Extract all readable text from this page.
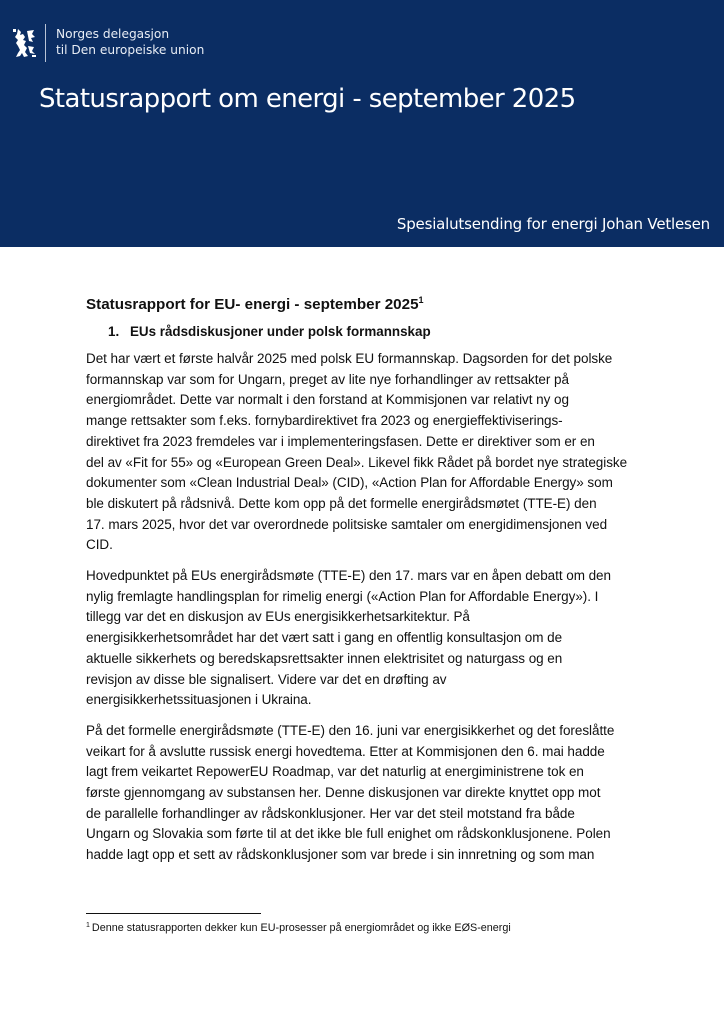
Norges delegasjon
til Den europeiske union
Statusrapport om energi - september 2025
Spesialutsending for energi Johan Vetlesen
Statusrapport for EU- energi - september 2025$^1$
1. EUs rådsdiskusjoner under polsk formannskap
Det har vært et første halvår 2025 med polsk EU formannskap. Dagsorden for det polske
formannskap var som for Ungarn, preget av lite nye forhandlinger av rettsakter på
energiområdet. Dette var normalt i den forstand at Kommisjonen var relativt ny og
mange rettsakter som f.eks. fornybardirektivet fra 2023 og energieffektiviserings-
direktivet fra 2023 fremdeles var i implementeringsfasen. Dette er direktiver som er en
del av «Fit for 55» og «European Green Deal». Likevel fikk Rådet på bordet nye strategiske
dokumenter som «Clean Industrial Deal» (CID), «Action Plan for Affordable Energy» som
ble diskutert på rådsnivå. Dette kom opp på det formelle energirådsmøtet (TTE-E) den
17. mars 2025, hvor det var overordnede politsiske samtaler om energidimensjonen ved
CID.
Hovedpunktet på EUs energirådsmøte (TTE-E) den 17. mars var en åpen debatt om den
nylig fremlagte handlingsplan for rimelig energi («Action Plan for Affordable Energy»). I
tillegg var det en diskusjon av EUs energisikkerhetsarkitektur. På
energisikkerhetsområdet har det vært satt i gang en offentlig konsultasjon om de
aktuelle sikkerhets og beredskapsrettsakter innen elektrisitet og naturgass og en
revisjon av disse ble signalisert. Videre var det en drøfting av
energisikkerhetssituasjonen i Ukraina.
På det formelle energirådsmøte (TTE-E) den 16. juni var energisikkerhet og det foreslåtte
veikart for å avslutte russisk energi hovedtema. Etter at Kommisjonen den 6. mai hadde
lagt frem veikartet RepowerEU Roadmap, var det naturlig at energiministrene tok en
første gjennomgang av substansen her. Denne diskusjonen var direkte knyttet opp mot
de parallelle forhandlinger av rådskonklusjoner. Her var det steil motstand fra både
Ungarn og Slovakia som førte til at det ikke ble full enighet om rådskonklusjonene. Polen
hadde lagt opp et sett av rådskonklusjoner som var brede i sin innretning og som man
$^1$ Denne statusrapporten dekker kun EU-prosesser på energiområdet og ikke EØS-energi
